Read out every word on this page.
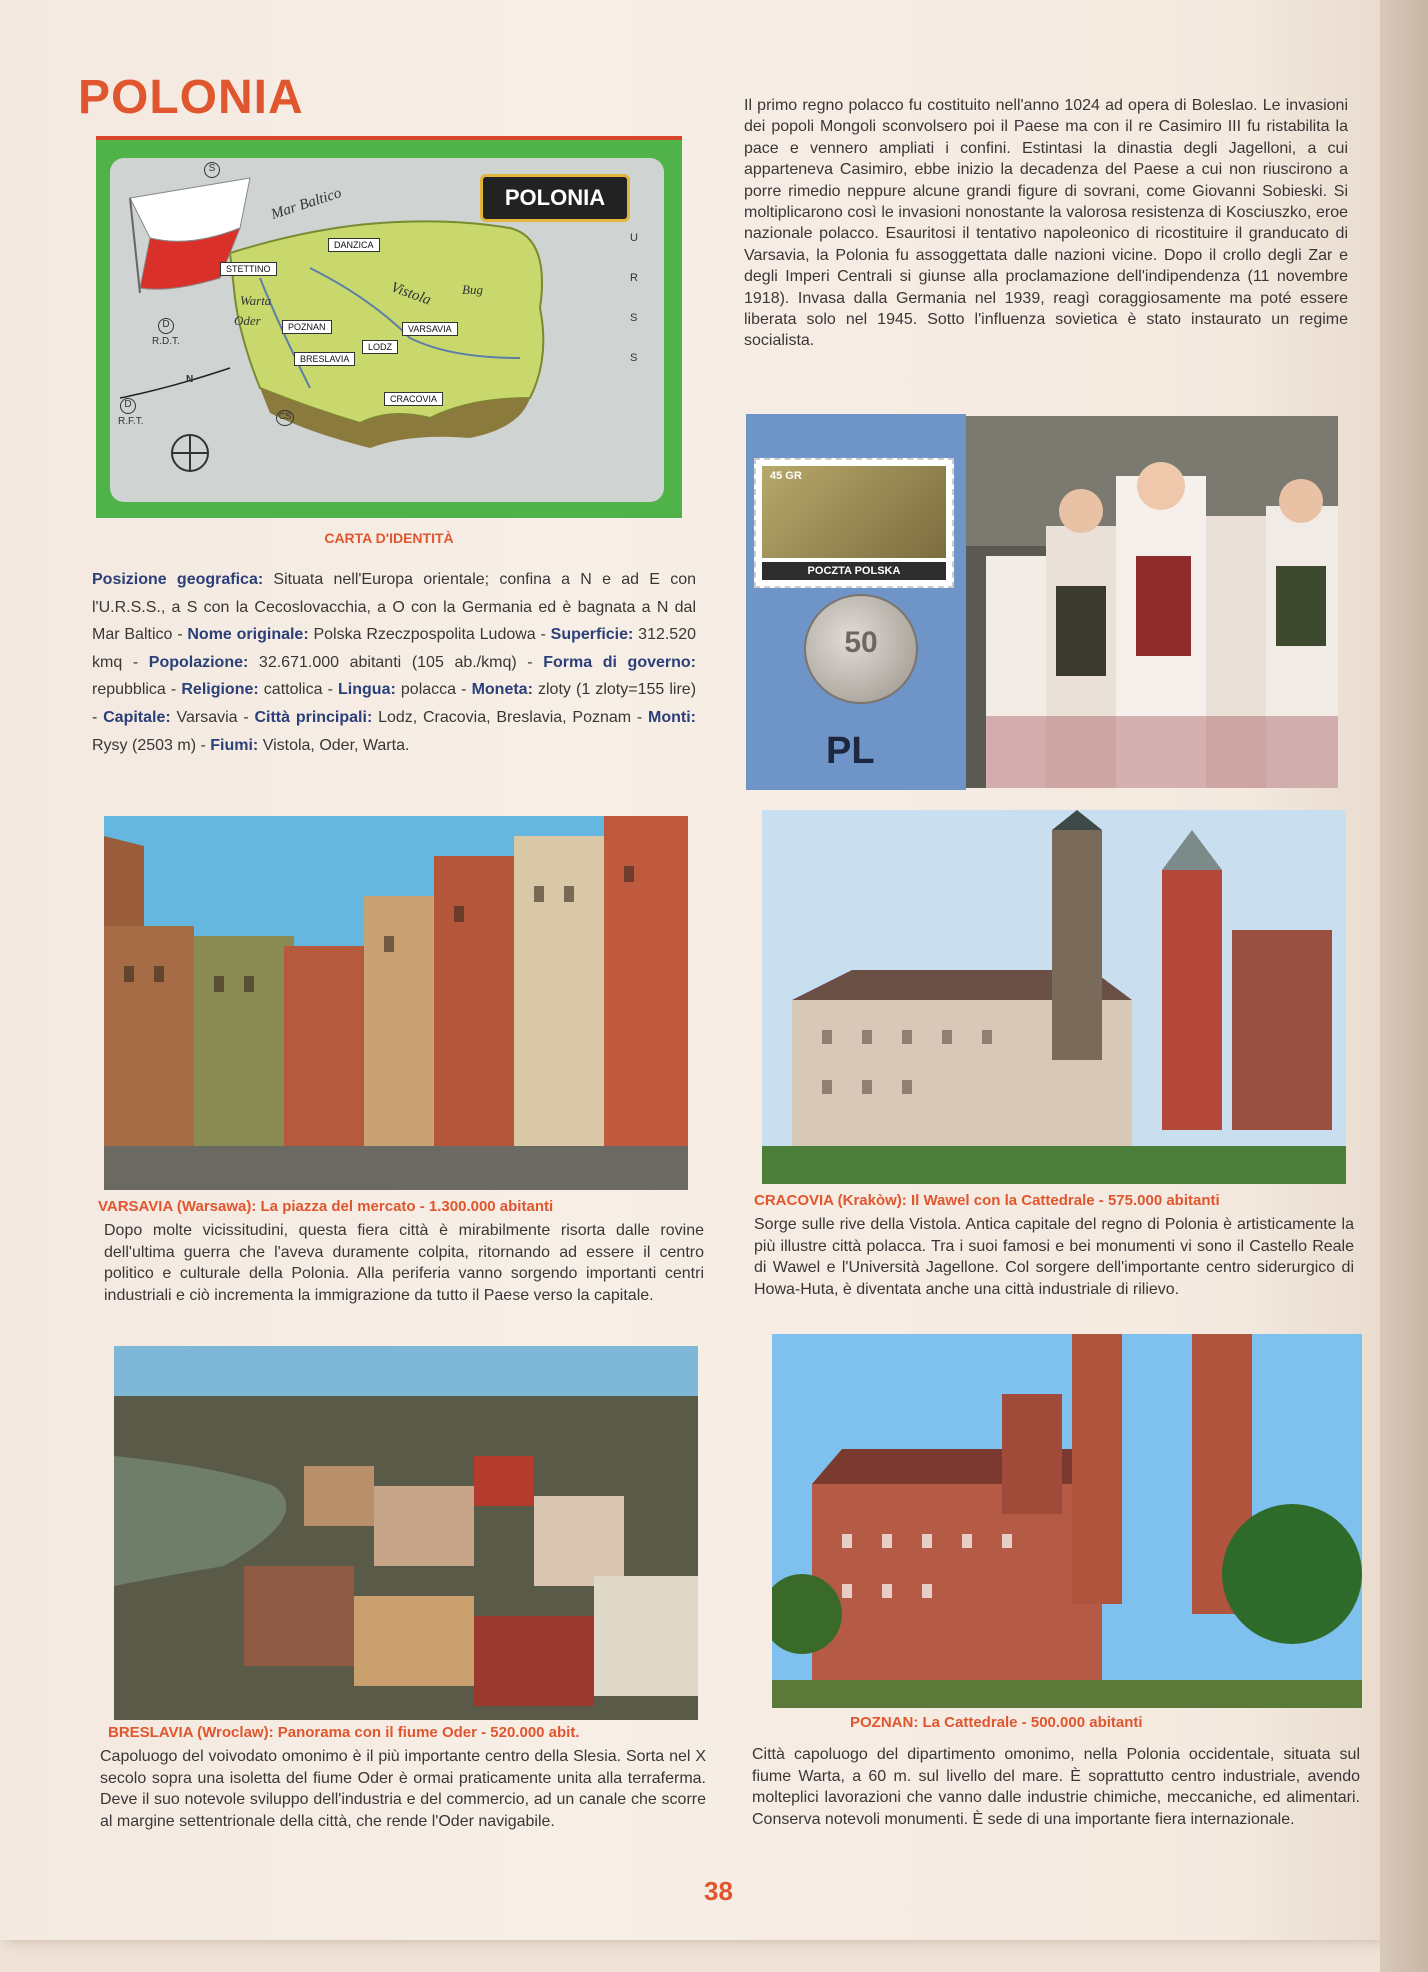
POLONIA
POLONIA
Mar Baltico
Vistola
Warta
Oder
Bug
D
R.D.T.
D
R.F.T.	CS
S
N
U R S S
DANZICA
STETTINO
POZNAN	VARSAVIA
LODZ
BRESLAVIA
CRACOVIA
CARTA D'IDENTITÀ
Posizione geografica: Situata nell'Europa orientale; confina a N e ad E con l'U.R.S.S., a S con la Cecoslovacchia, a O con la Germania ed è bagnata a N dal Mar Baltico - Nome originale: Polska Rzeczpospolita Ludowa - Superficie: 312.520 kmq - Popolazione: 32.671.000 abitanti (105 ab./kmq) - Forma di governo: repubblica - Religione: cattolica - Lingua: polacca - Moneta: zloty (1 zloty=155 lire) - Capitale: Varsavia - Città principali: Lodz, Cracovia, Breslavia, Poznam - Monti: Rysy (2503 m) - Fiumi: Vistola, Oder, Warta.
Il primo regno polacco fu costituito nell'anno 1024 ad opera di Boleslao. Le invasioni dei popoli Mongoli sconvolsero poi il Paese ma con il re Casimiro III fu ristabilita la pace e vennero ampliati i confini. Estintasi la dinastia degli Jagelloni, a cui apparteneva Casimiro, ebbe inizio la decadenza del Paese a cui non riuscirono a porre rimedio neppure alcune grandi figure di sovrani, come Giovanni Sobieski. Si moltiplicarono così le invasioni nonostante la valorosa resistenza di Kosciuszko, eroe nazionale polacco. Esauritosi il tentativo napoleonico di ricostituire il granducato di Varsavia, la Polonia fu assoggettata dalle nazioni vicine. Dopo il crollo degli Zar e degli Imperi Centrali si giunse alla proclamazione dell'indipendenza (11 novembre 1918). Invasa dalla Germania nel 1939, reagì coraggiosamente ma poté essere liberata solo nel 1945. Sotto l'influenza sovietica è stato instaurato un regime socialista.
45 GR
POCZTA POLSKA
50
PL
VARSAVIA (Warsawa): La piazza del mercato - 1.300.000 abitanti
Dopo molte vicissitudini, questa fiera città è mirabilmente risorta dalle rovine dell'ultima guerra che l'aveva duramente colpita, ritornando ad essere il centro politico e culturale della Polonia. Alla periferia vanno sorgendo importanti centri industriali e ciò incrementa la immigrazione da tutto il Paese verso la capitale.
CRACOVIA (Krakòw): Il Wawel con la Cattedrale - 575.000 abitanti
Sorge sulle rive della Vistola. Antica capitale del regno di Polonia è artisticamente la più illustre città polacca. Tra i suoi famosi e bei monumenti vi sono il Castello Reale di Wawel e l'Università Jagellone. Col sorgere dell'importante centro siderurgico di Howa-Huta, è diventata anche una città industriale di rilievo.
BRESLAVIA (Wroclaw): Panorama con il fiume Oder - 520.000 abit.
Capoluogo del voivodato omonimo è il più importante centro della Slesia. Sorta nel X secolo sopra una isoletta del fiume Oder è ormai praticamente unita alla terraferma. Deve il suo notevole sviluppo dell'industria e del commercio, ad un canale che scorre al margine settentrionale della città, che rende l'Oder navigabile.
POZNAN: La Cattedrale - 500.000 abitanti
Città capoluogo del dipartimento omonimo, nella Polonia occidentale, situata sul fiume Warta, a 60 m. sul livello del mare. È soprattutto centro industriale, avendo molteplici lavorazioni che vanno dalle industrie chimiche, meccaniche, ed alimentari. Conserva notevoli monumenti. È sede di una importante fiera internazionale.
38
